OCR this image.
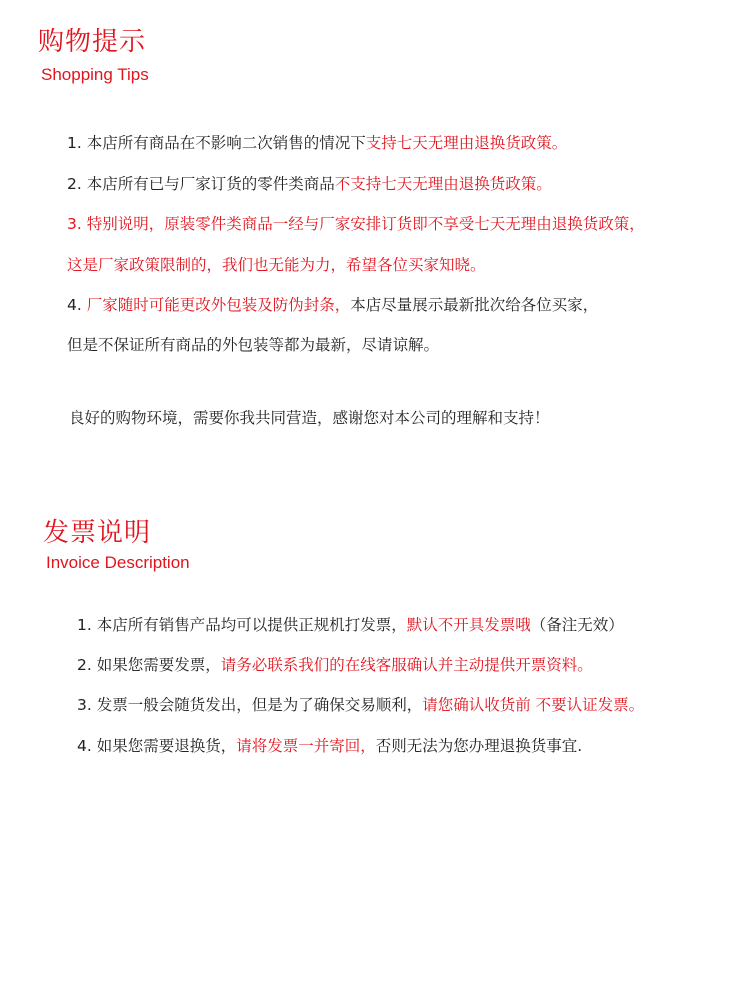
购物提示
Shopping Tips
1. 本店所有商品在不影响二次销售的情况下支持七天无理由退换货政策。
2. 本店所有已与厂家订货的零件类商品不支持七天无理由退换货政策。
3. 特别说明，原装零件类商品一经与厂家安排订货即不享受七天无理由退换货政策，
这是厂家政策限制的，我们也无能为力，希望各位买家知晓。
4. 厂家随时可能更改外包装及防伪封条，本店尽量展示最新批次给各位买家，
但是不保证所有商品的外包装等都为最新，尽请谅解。
良好的购物环境，需要你我共同营造，感谢您对本公司的理解和支持！
发票说明
Invoice Description
1. 本店所有销售产品均可以提供正规机打发票，默认不开具发票哦（备注无效）
2. 如果您需要发票，请务必联系我们的在线客服确认并主动提供开票资料。
3. 发票一般会随货发出，但是为了确保交易顺利，请您确认收货前 不要认证发票。
4. 如果您需要退换货，请将发票一并寄回，否则无法为您办理退换货事宜.
